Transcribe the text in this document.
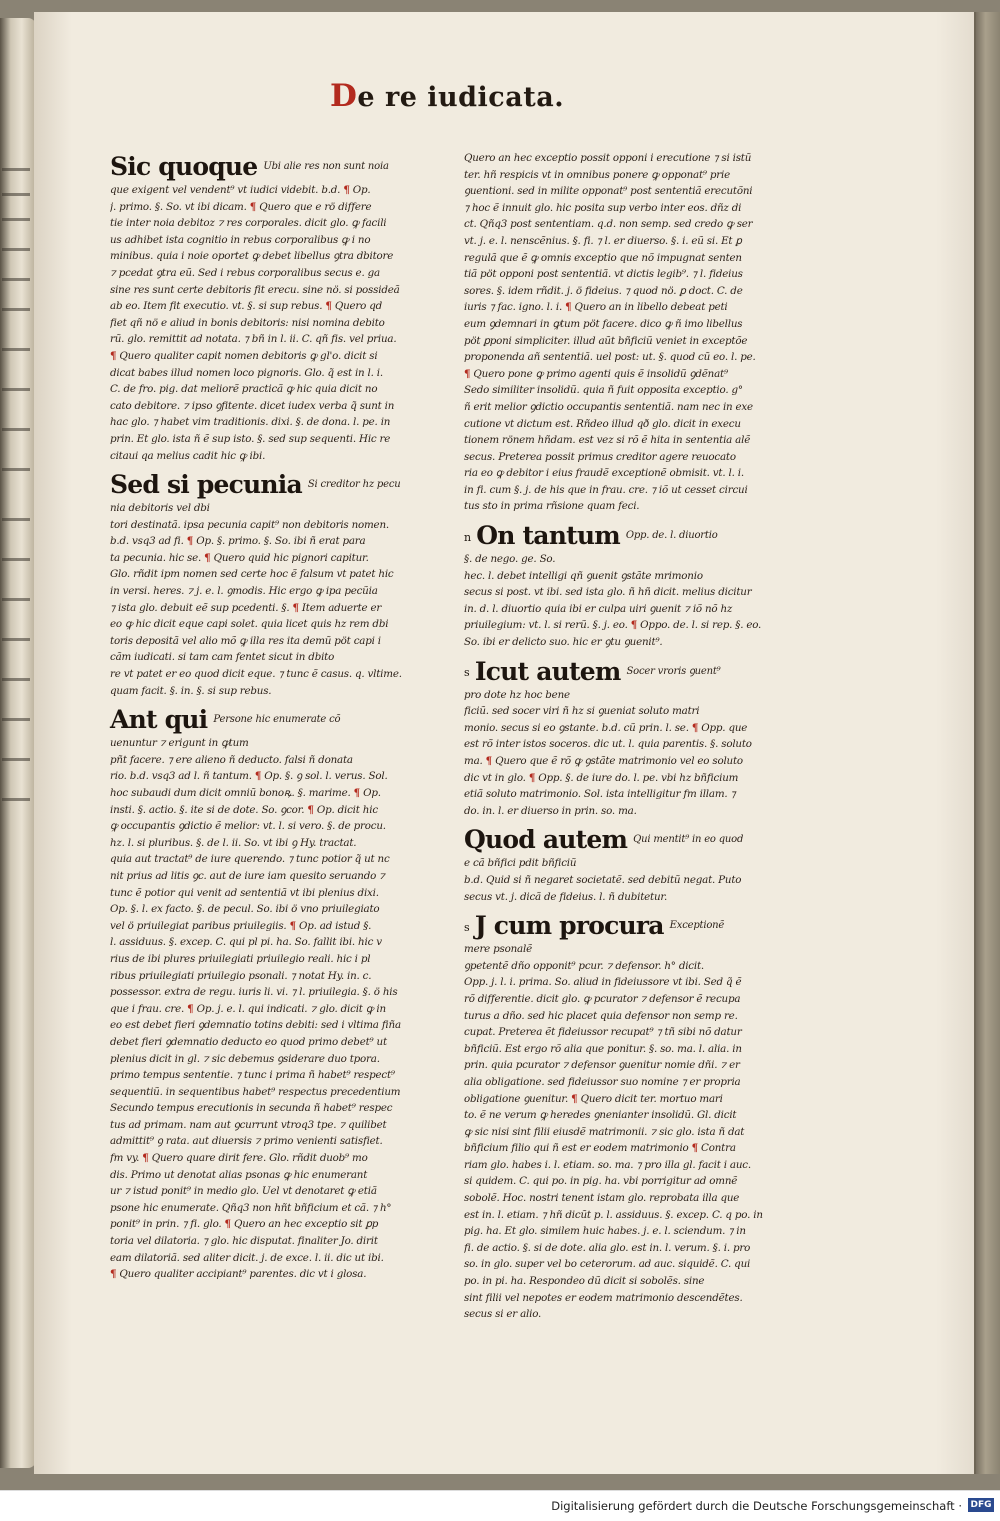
De re iudicata.
Sic quoque $^{Ubi alie res non sunt noia}$
que exigent vel vendent⁹ vt iudici videbit. b.d. ¶ Op.
j. primo. §. So. vt ibi dicam. ¶ Quero que e rö differe
tie inter noia debitoz ⁊ res corporales. dicit glo. ꝙ facili
us adhibet ista cognitio in rebus corporalibus ꝙ i no
minibus. quia i noie oportet ꝙ debet libellus ꝯtra dbitore
⁊ pcedat ꝯtra eũ. Sed i rebus corporalibus secus e. ga
sine res sunt certe debitoris fit erecu. sine nö. si possideã
ab eo. Item fit executio. vt. §. si sup rebus. ¶ Quero qd
fiet qñ nö e aliud in bonis debitoris: nisi nomina debito
rũ. glo. remittit ad notata. ⁊ bñ in l. ii. C. qñ fis. vel priua.
¶ Quero qualiter capit nomen debitoris ꝙ gl'o. dicit si
dicat babes illud nomen loco pignoris. Glo. q̃ est in l. i.
C. de fro. pig. dat meliorẽ practicã ꝙ hic quia dicit no
cato debitore. ⁊ ipso ꝯfitente. dicet iudex verba q̃ sunt in
hac glo. ⁊ habet vim traditionis. dixi. §. de dona. l. pe. in
prin. Et glo. ista ñ ẽ sup isto. §. sed sup sequenti. Hic re
citaui qa melius cadit hic ꝙ ibi.
Sed si pecunia $^{Si creditor hz pecu}$
nia debitoris vel dbi
tori destinatã. ipsa pecunia capit⁹ non debitoris nomen.
b.d. vsq3 ad fi. ¶ Op. §. primo. §. So. ibi ñ erat para
ta pecunia. hic se. ¶ Quero quid hic pignori capitur.
Glo. rñdit ipm nomen sed certe hoc ẽ falsum vt patet hic
in versi. heres. ⁊ j. e. l. ꝯmodis. Hic ergo ꝙ ipa pecũia
⁊ ista glo. debuit eẽ sup pcedenti. §. ¶ Item aduerte er
eo ꝙ hic dicit eque capi solet. quia licet quis hz rem dbi
toris depositã vel alio mõ ꝙ illa res ita demũ pöt capi i
cãm iudicati. si tam cam fentet sicut in dbito
re vt patet er eo quod dicit eque. ⁊ tunc ẽ casus. q. vltime.
quam facit. §. in. §. si sup rebus.
Ant qui $^{Persone hic enumerate cõ}$
uenuntur ⁊ erigunt in ꝙtum
pñt facere. ⁊ ere alieno ñ deducto. falsi ñ donata
rio. b.d. vsq3 ad l. ñ tantum. ¶ Op. §. ꝯ sol. l. verus. Sol.
hoc subaudi dum dicit omniũ bonoꝶ. §. marime. ¶ Op.
insti. §. actio. §. ite si de dote. So. ꝯcor. ¶ Op. dicit hic
ꝙ occupantis ꝯdictio ẽ melior: vt. l. si vero. §. de procu.
hz. l. si pluribus. §. de l. ii. So. vt ibi ꝯ Hy. tractat.
quia aut tractat⁹ de iure querendo. ⁊ tunc potior q̃ ut nc
nit prius ad litis ꝯc. aut de iure iam quesito seruando ⁊
tunc ẽ potior qui venit ad sententiã vt ibi plenius dixi.
Op. §. l. ex facto. §. de pecul. So. ibi ö vno priuilegiato
vel ö priuilegiat paribus priuilegiis. ¶ Op. ad istud §.
l. assiduus. §. excep. C. qui pl pi. ha. So. fallit ibi. hic v
rius de ibi plures priuilegiati priuilegio reali. hic i pl
ribus priuilegiati priuilegio psonali. ⁊ notat Hy. in. c.
possessor. extra de regu. iuris li. vi. ⁊ l. priuilegia. §. ö his
que i frau. cre. ¶ Op. j. e. l. qui indicati. ⁊ glo. dicit ꝙ in
eo est debet fieri ꝯdemnatio totins debiti: sed i vltima fiña
debet fieri ꝯdemnatio deducto eo quod primo debet⁹ ut
plenius dicit in gl. ⁊ sic debemus ꝯsiderare duo tpora.
primo tempus sententie. ⁊ tunc i prima ñ habet⁹ respect⁹
sequentiũ. in sequentibus habet⁹ respectus precedentium
Secundo tempus erecutionis in secunda ñ habet⁹ respec
tus ad primam. nam aut ꝯcurrunt vtroq3 tpe. ⁊ quilibet
admittit⁹ ꝯ rata. aut diuersis ⁊ primo venienti satisfiet.
fm vy. ¶ Quero quare dirit fere. Glo. rñdit duob⁹ mo
dis. Primo ut denotat alias psonas ꝙ hic enumerant
ur ⁊ istud ponit⁹ in medio glo. Uel vt denotaret ꝙ etiã
psone hic enumerate. Qñq3 non hñt bñficium et cã. ⁊ h°
ponit⁹ in prin. ⁊ fi. glo. ¶ Quero an hec exceptio sit ꝑp
toria vel dilatoria. ⁊ glo. hic disputat. finaliter Jo. dirit
eam dilatoriã. sed aliter dicit. j. de exce. l. ii. dic ut ibi.
¶ Quero qualiter accipiant⁹ parentes. dic vt i glosa.
Quero an hec exceptio possit opponi i erecutione ⁊ si istũ
ter. hñ respicis vt in omnibus ponere ꝙ opponat⁹ prie
ꝯuentioni. sed in milite opponat⁹ post sententiã erecutõni
⁊ hoc ẽ innuit glo. hic posita sup verbo inter eos. dñz di
ct. Qñq3 post sententiam. q.d. non semp. sed credo ꝙ ser
vt. j. e. l. nenscẽnius. §. fi. ⁊ l. er diuerso. §. i. eũ si. Et ꝑ
regulã que ẽ ꝙ omnis exceptio que nõ impugnat senten
tiã pöt opponi post sententiã. vt dictis legib⁹. ⁊ l. fideius
sores. §. idem rñdit. j. ö fideius. ⁊ quod nö. ꝑ doct. C. de
iuris ⁊ fac. igno. l. i. ¶ Quero an in libello debeat peti
eum ꝯdemnari in ꝙtum pöt facere. dico ꝙ ñ imo libellus
pöt ꝑponi simpliciter. illud aũt bñficiũ veniet in exceptõe
proponenda añ sententiã. uel post: ut. §. quod cũ eo. l. pe.
¶ Quero pone ꝙ primo agenti quis ẽ insolidũ ꝯdẽnat⁹
Sedo similiter insolidũ. quia ñ fuit opposita exceptio. g°
ñ erit melior ꝯdictio occupantis sententiã. nam nec in exe
cutione vt dictum est. Rñdeo illud qð glo. dicit in execu
tionem rönem hñdam. est vez si rõ ẽ hita in sententia alẽ
secus. Preterea possit primus creditor agere reuocato
ria eo ꝙ debitor i eius fraudẽ exceptionẽ obmisit. vt. l. i.
in fi. cum §. j. de his que in frau. cre. ⁊ iõ ut cesset circui
tus sto in prima rñsione quam feci.
n On tantum $^{Opp. de. l. diuortio}$
§. de nego. ge. So.
hec. l. debet intelligi qñ ꝯuenit ꝯstãte mrimonio
secus si post. vt ibi. sed ista glo. ñ hñ dicit. melius dicitur
in. d. l. diuortio quia ibi er culpa uiri ꝯuenit ⁊ iõ nõ hz
priuilegium: vt. l. si rerũ. §. j. eo. ¶ Oppo. de. l. si rep. §. eo.
So. ibi er delicto suo. hic er ꝯtu ꝯuenit⁹.
s Icut autem $^{Socer vroris ꝯuent^9}$
pro dote hz hoc bene
ficiũ. sed socer viri ñ hz si ꝯueniat soluto matri
monio. secus si eo ꝯstante. b.d. cũ prin. l. se. ¶ Opp. que
est rõ inter istos soceros. dic ut. l. quia parentis. §. soluto
ma. ¶ Quero que ẽ rõ ꝙ ꝯstãte matrimonio vel eo soluto
dic vt in glo. ¶ Opp. §. de iure do. l. pe. vbi hz bñficium
etiã soluto matrimonio. Sol. ista intelligitur fm illam. ⁊
do. in. l. er diuerso in prin. so. ma.
Quod autem $^{Qui mentit^9 in eo quod}$
e cã bñfici pdit bñficiũ
b.d. Quid si ñ negaret societatẽ. sed debitũ negat. Puto
secus vt. j. dicã de fideius. l. ñ dubitetur.
s J cum procura $^{Exceptionẽ}$
mere psonalẽ
ꝯpetentẽ dño opponit⁹ pcur. ⁊ defensor. h° dicit.
Opp. j. l. i. prima. So. aliud in fideiussore vt ibi. Sed q̃ ẽ
rõ differentie. dicit glo. ꝙ pcurator ⁊ defensor ẽ recupa
turus a dño. sed hic placet quia defensor non semp re.
cupat. Preterea ẽt fideiussor recupat⁹ ⁊ tñ sibi nõ datur
bñficiũ. Est ergo rõ alia que ponitur. §. so. ma. l. alia. in
prin. quia pcurator ⁊ defensor ꝯuenitur nomie dñi. ⁊ er
alia obligatione. sed fideiussor suo nomine ⁊ er propria
obligatione ꝯuenitur. ¶ Quero dicit ter. mortuo mari
to. ẽ ne verum ꝙ heredes ꝯnenianter insolidũ. Gl. dicit
ꝙ sic nisi sint filii eiusdẽ matrimonii. ⁊ sic glo. ista ñ dat
bñficium filio qui ñ est er eodem matrimonio ¶ Contra
riam glo. habes i. l. etiam. so. ma. ⁊ pro illa gl. facit i auc.
si quidem. C. qui po. in pig. ha. vbi porrigitur ad omnẽ
sobolẽ. Hoc. nostri tenent istam glo. reprobata illa que
est in. l. etiam. ⁊ hñ dicũt p. l. assiduus. §. excep. C. q po. in
pig. ha. Et glo. similem huic habes. j. e. l. sciendum. ⁊ in
fi. de actio. §. si de dote. alia glo. est in. l. verum. §. i. pro
so. in glo. super vel bo ceterorum. ad auc. siquidẽ. C. qui
po. in pi. ha. Respondeo dũ dicit si sobolẽs. sine
sint filii vel nepotes er eodem matrimonio descendẽtes.
secus si er alio.
Digitalisierung gefördert durch die Deutsche Forschungsgemeinschaft · DFG
